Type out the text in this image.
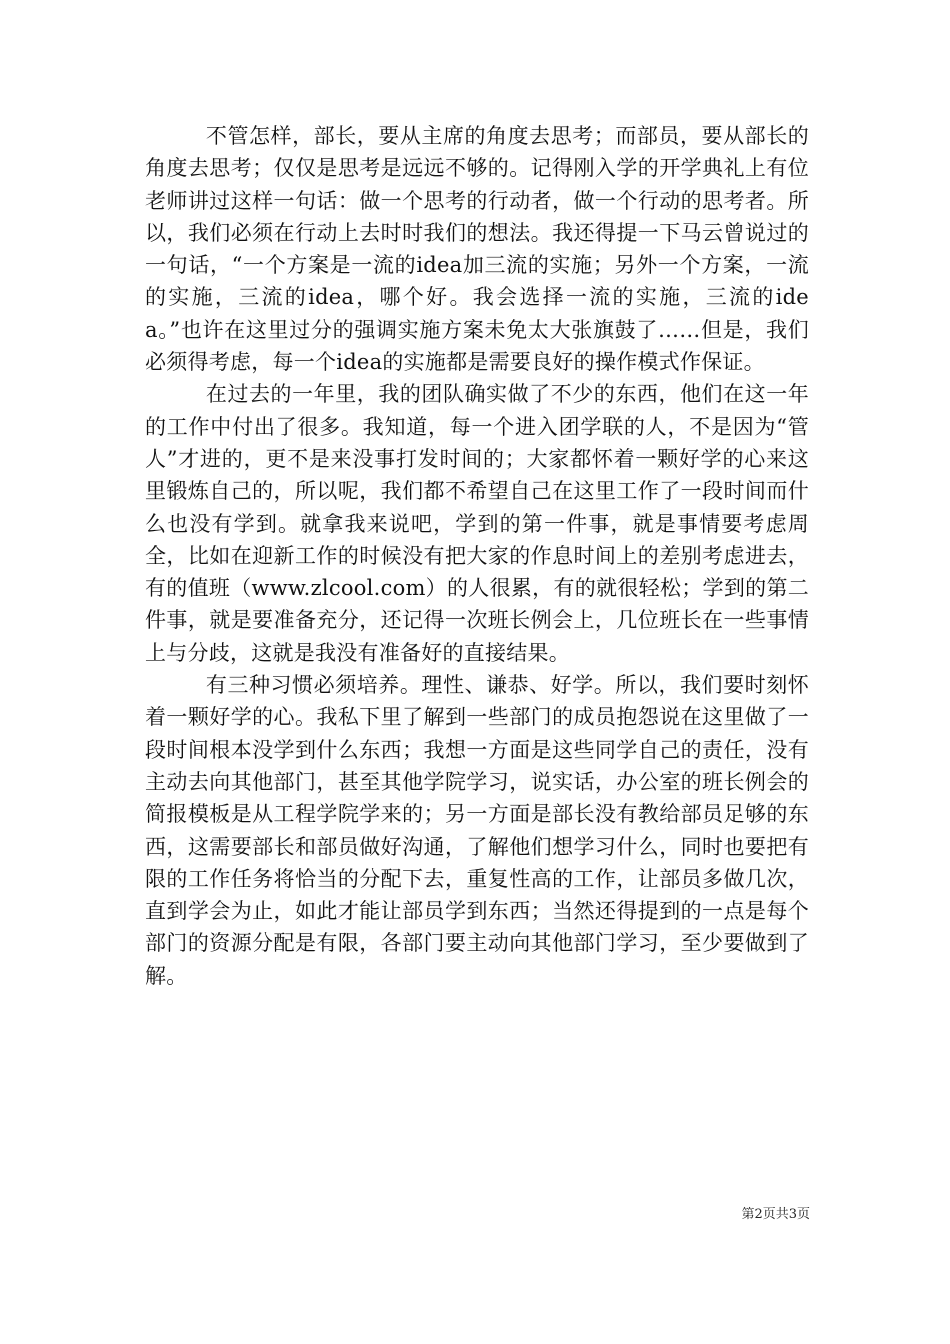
不管怎样，部长，要从主席的角度去思考；而部员，要从部长的角度去思考；仅仅是思考是远远不够的。记得刚入学的开学典礼上有位老师讲过这样一句话：做一个思考的行动者，做一个行动的思考者。所以，我们必须在行动上去时时我们的想法。我还得提一下马云曾说过的一句话，“一个方案是一流的idea加三流的实施；另外一个方案，一流的实施，三流的idea，哪个好。我会选择一流的实施，三流的idea。”也许在这里过分的强调实施方案未免太大张旗鼓了……但是，我们必须得考虑，每一个idea的实施都是需要良好的操作模式作保证。

在过去的一年里，我的团队确实做了不少的东西，他们在这一年的工作中付出了很多。我知道，每一个进入团学联的人，不是因为“管人”才进的，更不是来没事打发时间的；大家都怀着一颗好学的心来这里锻炼自己的，所以呢，我们都不希望自己在这里工作了一段时间而什么也没有学到。就拿我来说吧，学到的第一件事，就是事情要考虑周全，比如在迎新工作的时候没有把大家的作息时间上的差别考虑进去，有的值班（www.zlcool.com）的人很累，有的就很轻松；学到的第二件事，就是要准备充分，还记得一次班长例会上，几位班长在一些事情上与分歧，这就是我没有准备好的直接结果。

有三种习惯必须培养。理性、谦恭、好学。所以，我们要时刻怀着一颗好学的心。我私下里了解到一些部门的成员抱怨说在这里做了一段时间根本没学到什么东西；我想一方面是这些同学自己的责任，没有主动去向其他部门，甚至其他学院学习，说实话，办公室的班长例会的简报模板是从工程学院学来的；另一方面是部长没有教给部员足够的东西，这需要部长和部员做好沟通，了解他们想学习什么，同时也要把有限的工作任务将恰当的分配下去，重复性高的工作，让部员多做几次，直到学会为止，如此才能让部员学到东西；当然还得提到的一点是每个部门的资源分配是有限，各部门要主动向其他部门学习，至少要做到了解。

第2页共3页
